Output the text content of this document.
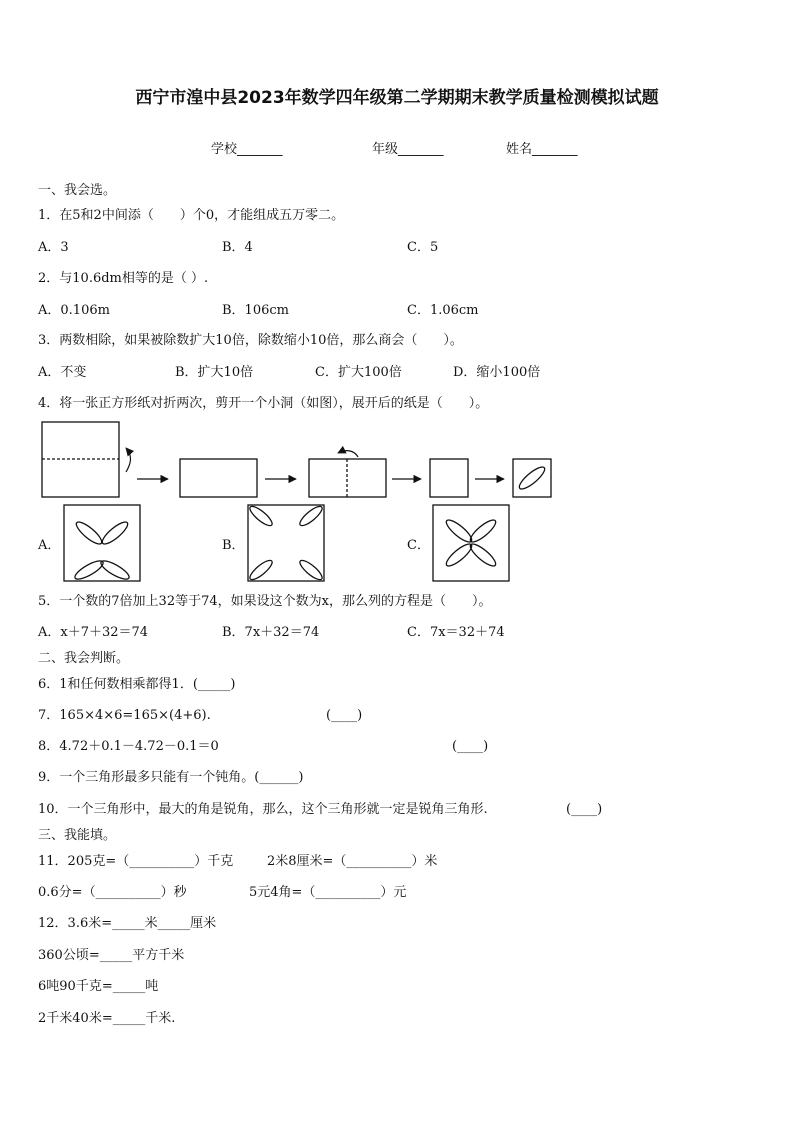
西宁市湟中县2023年数学四年级第二学期期末教学质量检测模拟试题
学校_______	年级_______	姓名_______
一、我会选。
1．在5和2中间添（　　）个0，才能组成五万零二。
A．3	B．4	C．5
2．与10.6dm相等的是（ ）.
A．0.106m	B．106cm	C．1.06cm
3．两数相除，如果被除数扩大10倍，除数缩小10倍，那么商会（　　）。
A．不变	B．扩大10倍	C．扩大100倍	D．缩小100倍
4．将一张正方形纸对折两次，剪开一个小洞（如图），展开后的纸是（　　）。
A．	B．	C．
5．一个数的7倍加上32等于74，如果设这个数为x，那么列的方程是（　　）。
A．x＋7＋32＝74	B．7x＋32＝74	C．7x＝32＋74
二、我会判断。
6．1和任何数相乘都得1．(_____)
7．165×4×6=165×(4+6).	(____)
8．4.72＋0.1－4.72－0.1＝0	(____)
9．一个三角形最多只能有一个钝角。(______)
10．一个三角形中，最大的角是锐角，那么，这个三角形就一定是锐角三角形.	(____)
三、我能填。
11．205克=（__________）千克	2米8厘米=（__________）米
0.6分=（__________）秒	5元4角=（__________）元
12．3.6米=_____米_____厘米
360公顷=_____平方千米
6吨90千克=_____吨
2千米40米=_____千米.
